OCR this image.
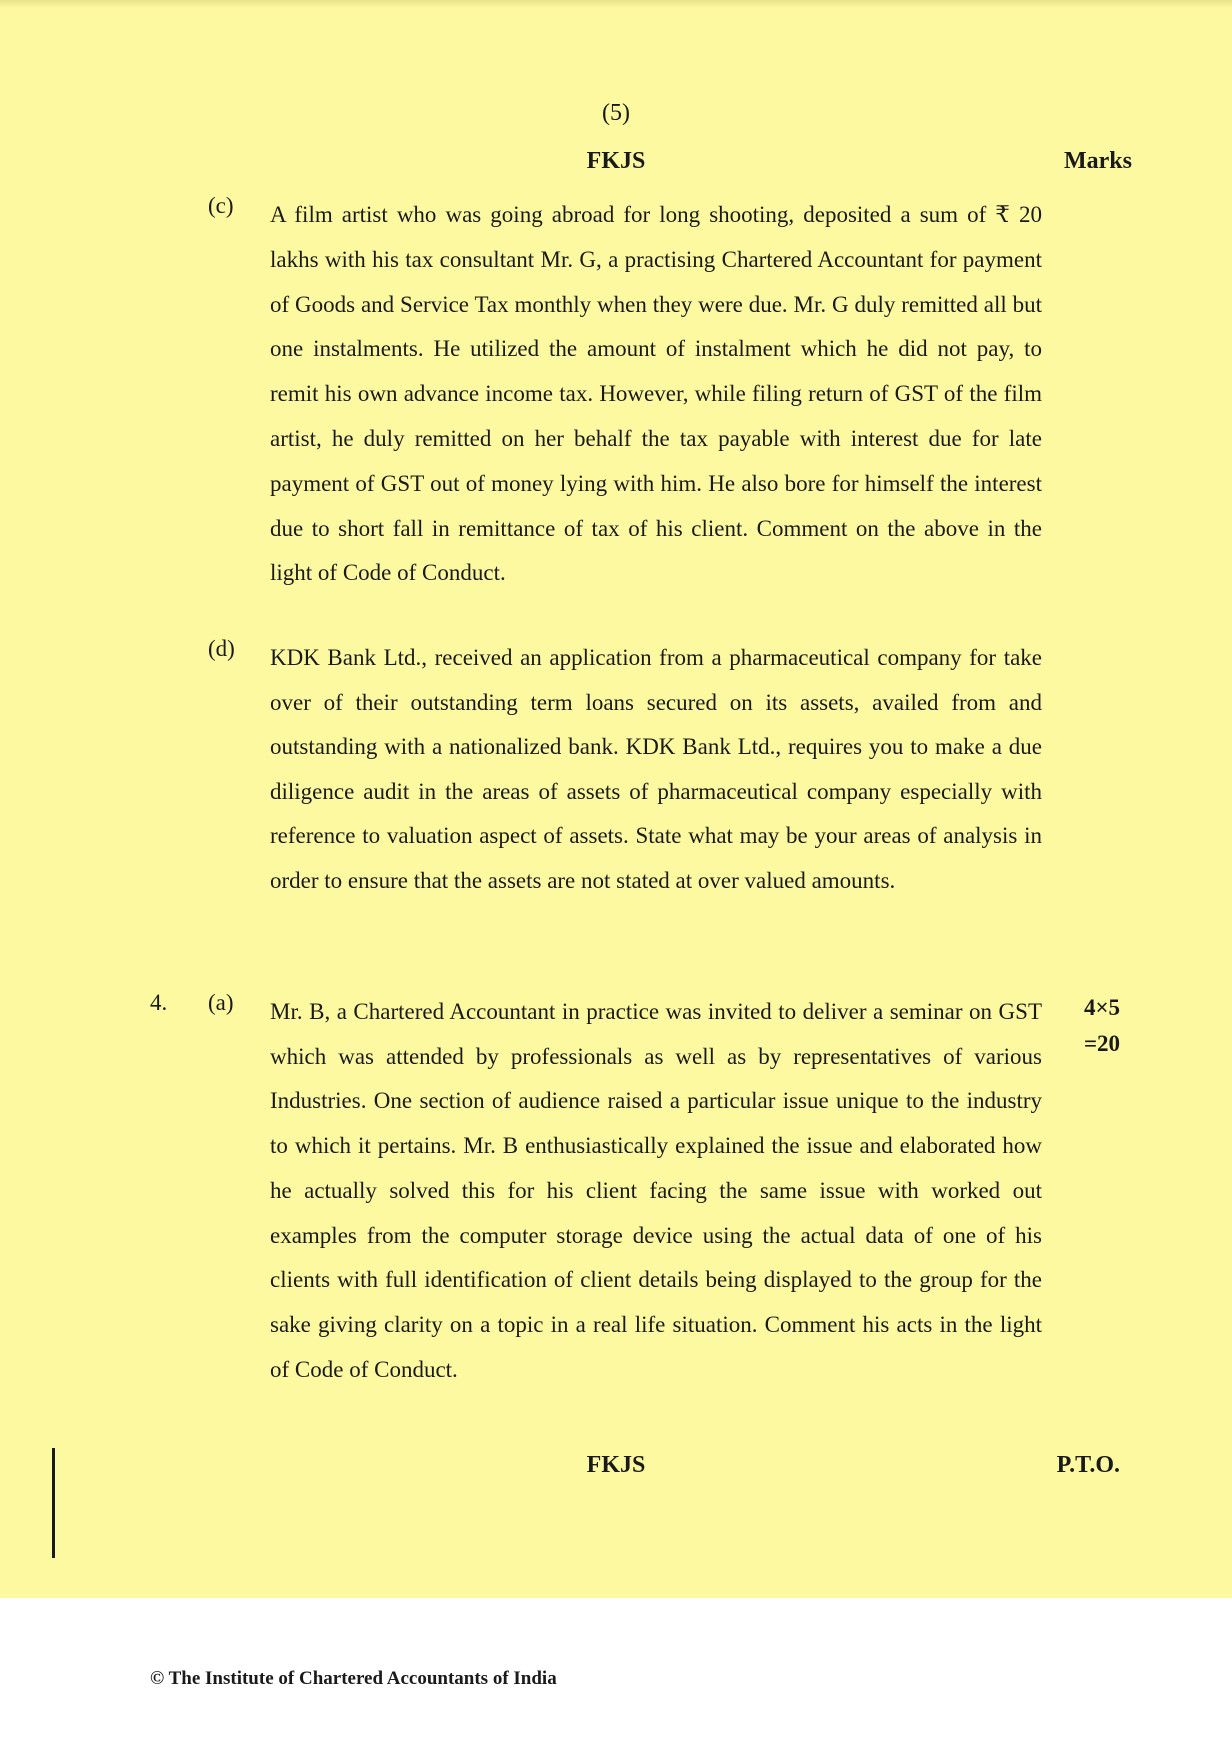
(5)
FKJS	Marks
(c) A film artist who was going abroad for long shooting, deposited a sum of ₹ 20 lakhs with his tax consultant Mr. G, a practising Chartered Accountant for payment of Goods and Service Tax monthly when they were due. Mr. G duly remitted all but one instalments. He utilized the amount of instalment which he did not pay, to remit his own advance income tax. However, while filing return of GST of the film artist, he duly remitted on her behalf the tax payable with interest due for late payment of GST out of money lying with him. He also bore for himself the interest due to short fall in remittance of tax of his client. Comment on the above in the light of Code of Conduct.
(d) KDK Bank Ltd., received an application from a pharmaceutical company for take over of their outstanding term loans secured on its assets, availed from and outstanding with a nationalized bank. KDK Bank Ltd., requires you to make a due diligence audit in the areas of assets of pharmaceutical company especially with reference to valuation aspect of assets. State what may be your areas of analysis in order to ensure that the assets are not stated at over valued amounts.
4. (a) Mr. B, a Chartered Accountant in practice was invited to deliver a seminar on GST which was attended by professionals as well as by representatives of various Industries. One section of audience raised a particular issue unique to the industry to which it pertains. Mr. B enthusiastically explained the issue and elaborated how he actually solved this for his client facing the same issue with worked out examples from the computer storage device using the actual data of one of his clients with full identification of client details being displayed to the group for the sake giving clarity on a topic in a real life situation. Comment his acts in the light of Code of Conduct.
4×5
=20
FKJS	P.T.O.
© The Institute of Chartered Accountants of India
